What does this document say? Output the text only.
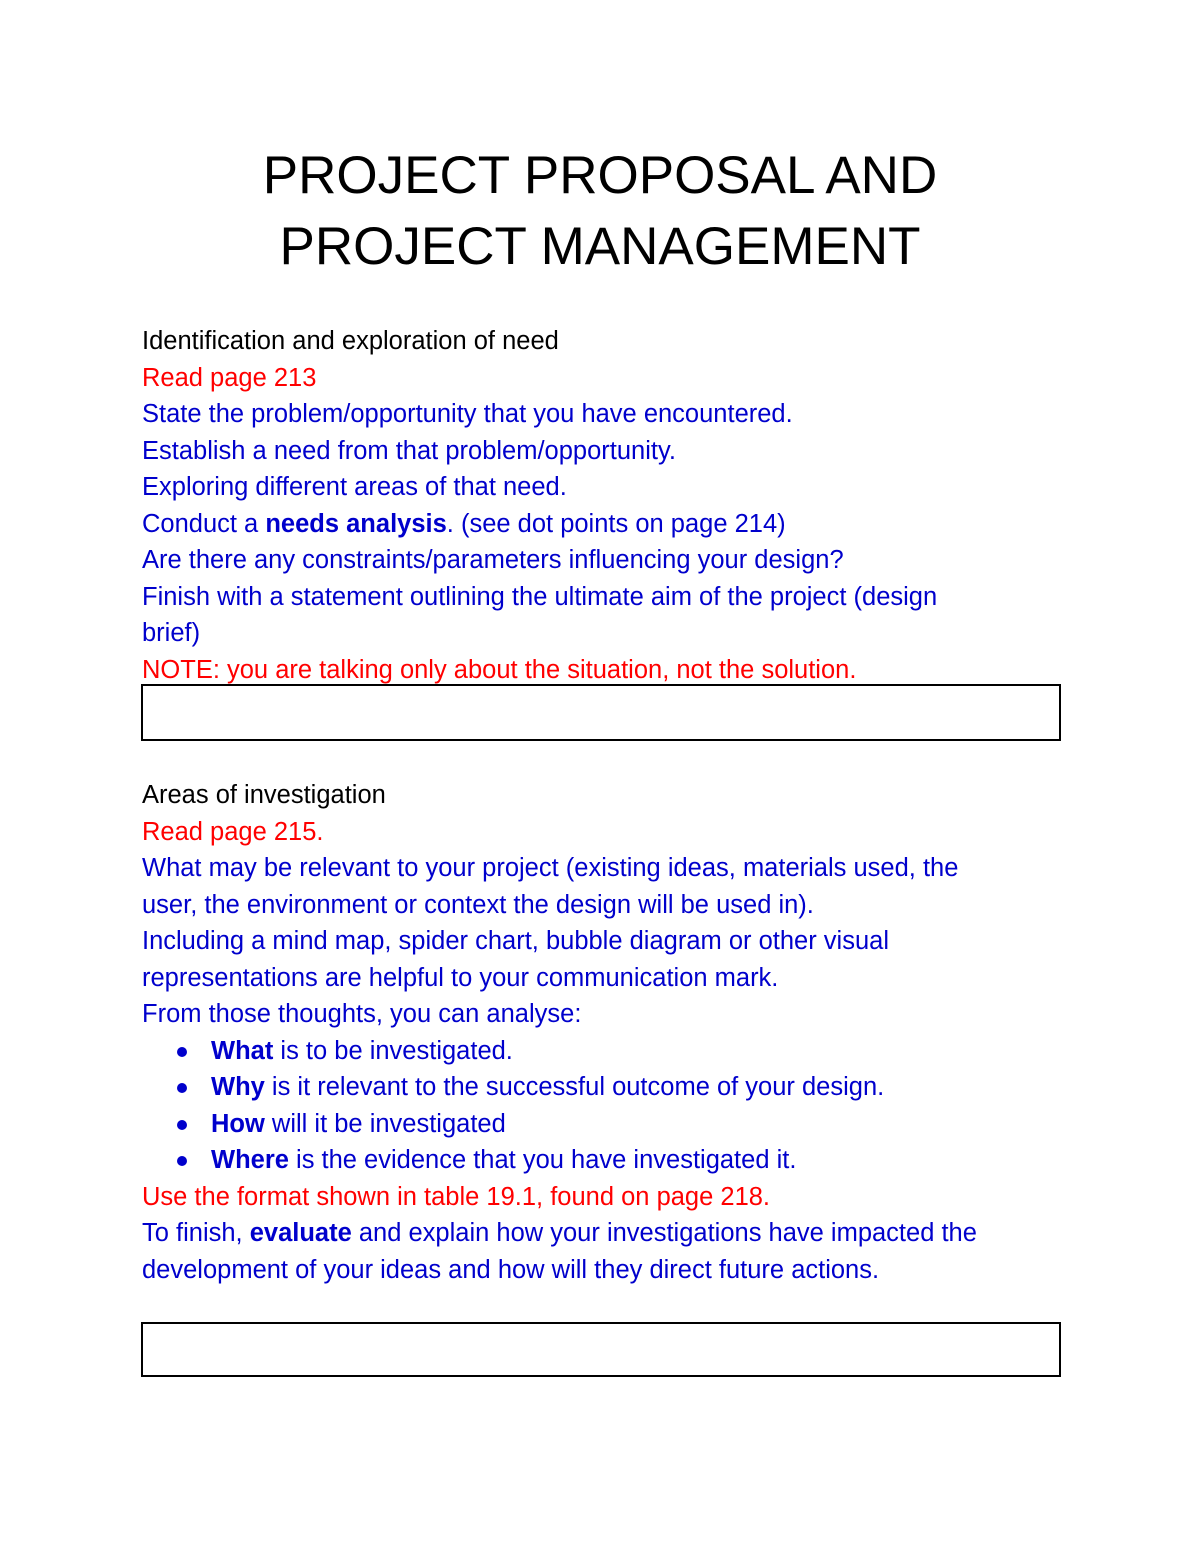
PROJECT PROPOSAL AND
PROJECT MANAGEMENT

Identification and exploration of need

Read page 213

State the problem/opportunity that you have encountered.

Establish a need from that problem/opportunity.

Exploring different areas of that need.

Conduct a needs analysis. (see dot points on page 214)

Are there any constraints/parameters influencing your design?

Finish with a statement outlining the ultimate aim of the project (design

brief)

NOTE: you are talking only about the situation, not the solution.

Areas of investigation

Read page 215.

What may be relevant to your project (existing ideas, materials used, the

user, the environment or context the design will be used in).

Including a mind map, spider chart, bubble diagram or other visual

representations are helpful to your communication mark.

From those thoughts, you can analyse:

What is to be investigated.
Why is it relevant to the successful outcome of your design.
How will it be investigated
Where is the evidence that you have investigated it.

Use the format shown in table 19.1, found on page 218.

To finish, evaluate and explain how your investigations have impacted the

development of your ideas and how will they direct future actions.
